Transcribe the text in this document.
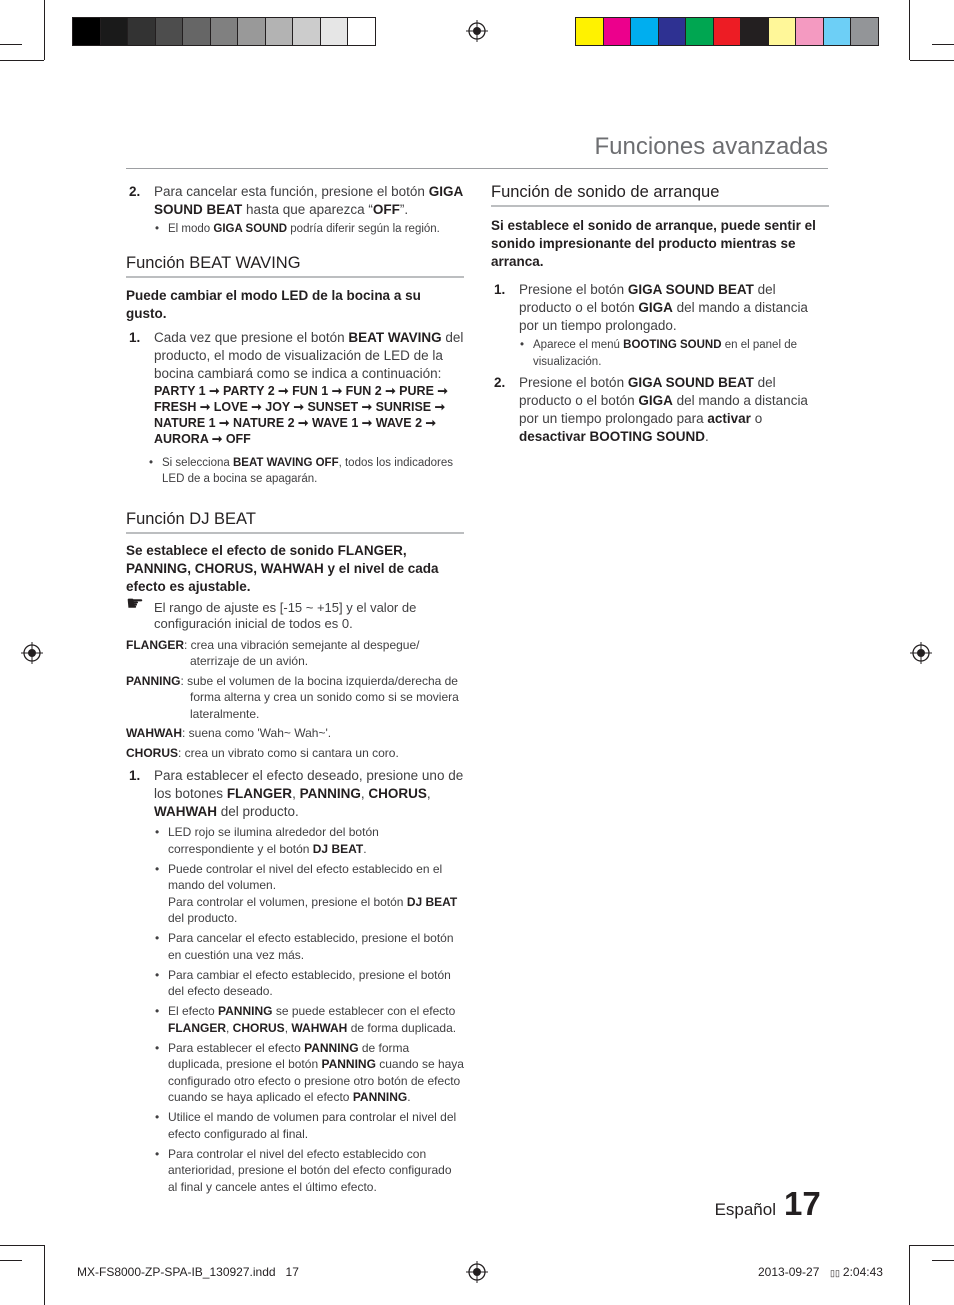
Funciones avanzadas
2. Para cancelar esta función, presione el botón GIGA SOUND BEAT hasta que aparezca “OFF”.
• El modo GIGA SOUND podría diferir según la región.
Función BEAT WAVING
Puede cambiar el modo LED de la bocina a su gusto.
1. Cada vez que presione el botón BEAT WAVING del producto, el modo de visualización de LED de la bocina cambiará como se indica a continuación:
PARTY 1 ➞ PARTY 2 ➞ FUN 1 ➞ FUN 2 ➞ PURE ➞
FRESH ➞ LOVE ➞ JOY ➞ SUNSET ➞ SUNRISE ➞
NATURE 1 ➞ NATURE 2 ➞ WAVE 1 ➞ WAVE 2 ➞
AURORA ➞ OFF
• Si selecciona BEAT WAVING OFF, todos los indicadores LED de a bocina se apagarán.
Función DJ BEAT
Se establece el efecto de sonido FLANGER, PANNING, CHORUS, WAHWAH y el nivel de cada efecto es ajustable.
☛ El rango de ajuste es [-15 ~ +15] y el valor de configuración inicial de todos es 0.
FLANGER: crea una vibración semejante al despegue/ aterrizaje de un avión.
PANNING: sube el volumen de la bocina izquierda/derecha de forma alterna y crea un sonido como si se moviera lateralmente.
WAHWAH: suena como 'Wah~ Wah~'.
CHORUS: crea un vibrato como si cantara un coro.
1. Para establecer el efecto deseado, presione uno de los botones FLANGER, PANNING, CHORUS, WAHWAH del producto.
• LED rojo se ilumina alrededor del botón correspondiente y el botón DJ BEAT.
• Puede controlar el nivel del efecto establecido en el mando del volumen.
Para controlar el volumen, presione el botón DJ BEAT del producto.
• Para cancelar el efecto establecido, presione el botón en cuestión una vez más.
• Para cambiar el efecto establecido, presione el botón del efecto deseado.
• El efecto PANNING se puede establecer con el efecto FLANGER, CHORUS, WAHWAH de forma duplicada.
• Para establecer el efecto PANNING de forma duplicada, presione el botón PANNING cuando se haya configurado otro efecto o presione otro botón de efecto cuando se haya aplicado el efecto PANNING.
• Utilice el mando de volumen para controlar el nivel del efecto configurado al final.
• Para controlar el nivel del efecto establecido con anterioridad, presione el botón del efecto configurado al final y cancele antes el último efecto.
Función de sonido de arranque
Si establece el sonido de arranque, puede sentir el sonido impresionante del producto mientras se arranca.
1. Presione el botón GIGA SOUND BEAT del producto o el botón GIGA del mando a distancia por un tiempo prolongado.
• Aparece el menú BOOTING SOUND en el panel de visualización.
2. Presione el botón GIGA SOUND BEAT del producto o el botón GIGA del mando a distancia por un tiempo prolongado para activar o desactivar BOOTING SOUND.
Español 17
MX-FS8000-ZP-SPA-IB_130927.indd   17	2013-09-27 ▯▯ 2:04:43
